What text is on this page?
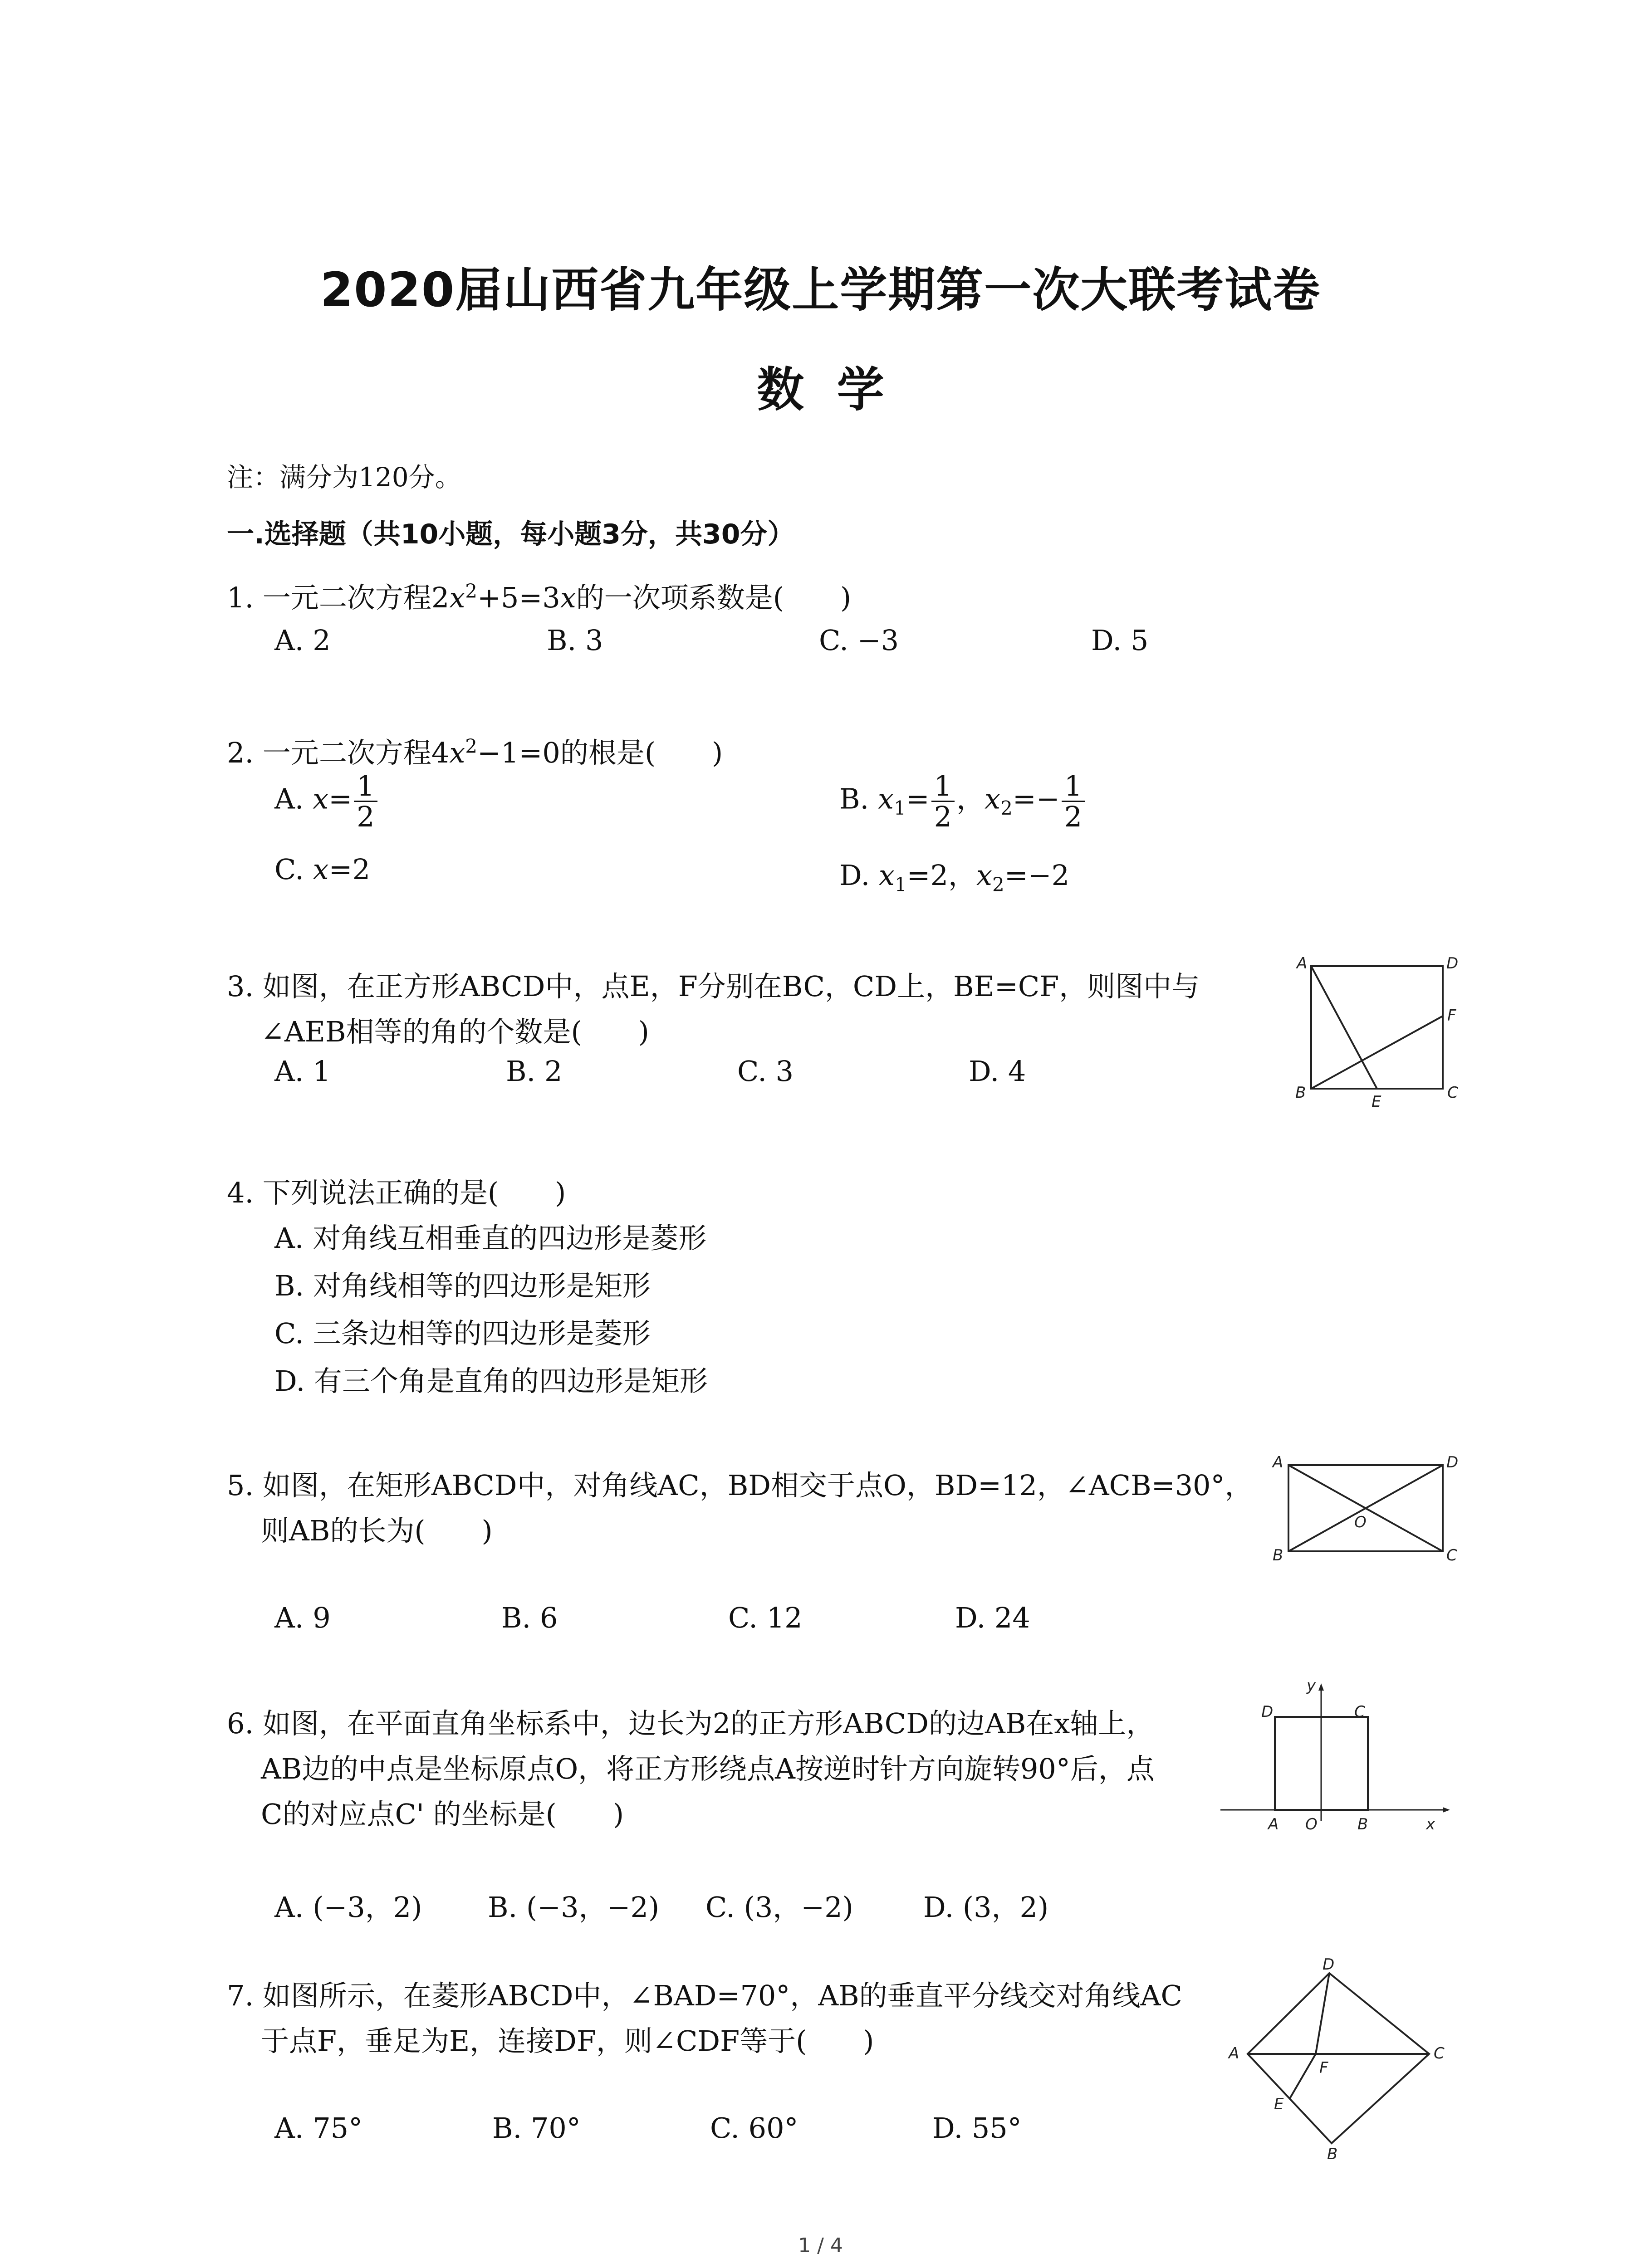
2020届山西省九年级上学期第一次大联考试卷
数  学
注：满分为120分。
一.选择题（共10小题，每小题3分，共30分）
1. 一元二次方程$2x^2+5=3x$的一次项系数是(　　)
A. 2	B. 3	C. −3	D. 5
2. 一元二次方程$4x^2-1=0$的根是(　　)
A. $x= \frac{1}{2}$	B. $x_1= \frac{1}{2}$ ，$x_2=- \frac{1}{2}$
C. x=2	D. $x_1=2$，$x_2=-2$
3. 如图，在正方形ABCD中，点E，F分别在BC，CD上，BE=CF，则图中与
∠AEB相等的角的个数是(　　)
A. 1	B. 2	C. 3	D. 4
A	D
F
B	E	C
4. 下列说法正确的是(　　)
A. 对角线互相垂直的四边形是菱形
B. 对角线相等的四边形是矩形
C. 三条边相等的四边形是菱形
D. 有三个角是直角的四边形是矩形
5. 如图，在矩形ABCD中，对角线AC，BD相交于点O，BD=12，∠ACB=30°，
则AB的长为(　　)
A. 9	B. 6	C. 12	D. 24
A	D
O
B	C
6. 如图，在平面直角坐标系中，边长为2的正方形ABCD的边AB在x轴上，
AB边的中点是坐标原点O，将正方形绕点A按逆时针方向旋转90°后，点
C的对应点C' 的坐标是(　　)
A. (−3，2) B. (−3，−2) C. (3，−2) D. (3，2)
y
D	C
A O	B	x
7. 如图所示，在菱形ABCD中，∠BAD=70°，AB的垂直平分线交对角线AC
于点F，垂足为E，连接DF，则∠CDF等于(　　)
A. 75°	B. 70°	C. 60°	D. 55°
D
A
F
C
E
B
1 / 4
